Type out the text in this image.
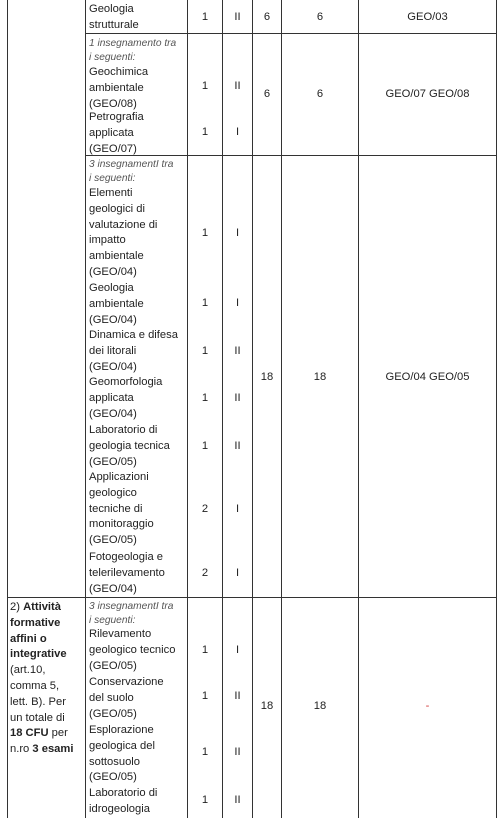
Geologia
strutturale
1	II	6	6	GEO/03
1 insegnamento tra
i seguenti:
Geochimica
ambientale
(GEO/08)
1	II
Petrografia
applicata
(GEO/07)
1	I
6	6	GEO/07 GEO/08
3 insegnamentI tra
i seguenti:
Elementi
geologici di
valutazione di
impatto
ambientale
(GEO/04)
1	I
Geologia
ambientale
(GEO/04)
1	I
Dinamica e difesa
dei litorali
(GEO/04)
1	II
Geomorfologia
applicata
(GEO/04)
1	II
Laboratorio di
geologia tecnica
(GEO/05)
1	II
Applicazioni
geologico
tecniche di
monitoraggio
(GEO/05)
2	I
Fotogeologia e
telerilevamento
(GEO/04)
2	I
18	18	GEO/04 GEO/05
2) Attività
formative
affini o
integrative
(art.10,
comma 5,
lett. B). Per
un totale di
18 CFU per
n.ro 3 esami
3 insegnamentI tra
i seguenti:
Rilevamento
geologico tecnico
(GEO/05)
1	I
Conservazione
del suolo
(GEO/05)
1	II
Esplorazione
geologica del
sottosuolo
(GEO/05)
1	II
Laboratorio di
idrogeologia
1	II
18	18	-
